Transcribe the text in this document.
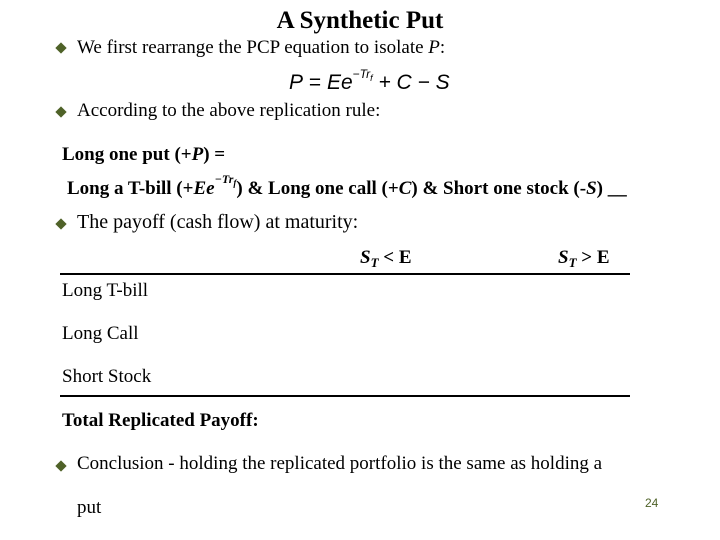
A Synthetic Put
We first rearrange the PCP equation to isolate P:
$P = Ee^{-Tr_f} + C - S$
According to the above replication rule:
Long one put (+P) =
Long a T-bill $(+Ee^{-Tr_f})$ & Long one call (+C) & Short one stock (-S) __
The payoff (cash flow) at maturity:
$S_T < E$	$S_T > E$
Long T-bill
Long Call
Short Stock
Total Replicated Payoff:
Conclusion - holding the replicated portfolio is the same as holding a
put	24
